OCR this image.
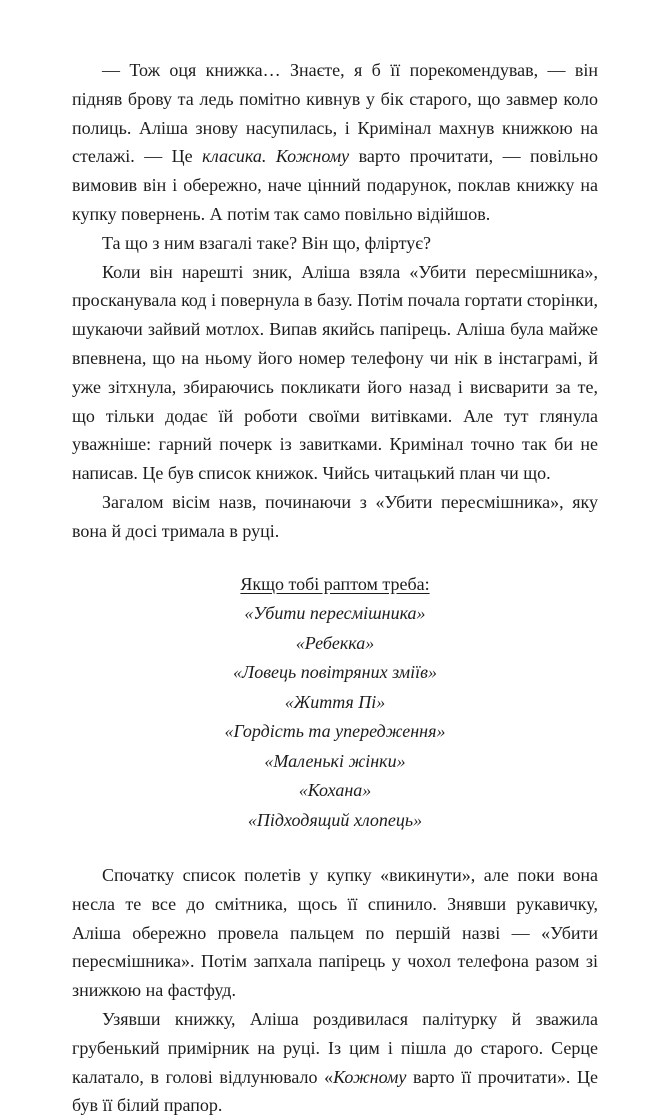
— Тож оця книжка… Знаєте, я б її порекомендував, — він підняв брову та ледь помітно кивнув у бік старого, що завмер коло полиць. Аліша знову насупилась, і Кримінал махнув книжкою на стелажі. — Це класика. Кожному варто прочитати, — повільно вимовив він і обережно, наче цінний подарунок, поклав книжку на купку повернень. А потім так само повільно відійшов.

Та що з ним взагалі таке? Він що, фліртує?

Коли він нарешті зник, Аліша взяла «Убити пересмішника», просканувала код і повернула в базу. Потім почала гортати сторінки, шукаючи зайвий мотлох. Випав якийсь папірець. Аліша була майже впевнена, що на ньому його номер телефону чи нік в інстаграмі, й уже зітхнула, збираючись покликати його назад і висварити за те, що тільки додає їй роботи своїми витівками. Але тут глянула уважніше: гарний почерк із завитками. Кримінал точно так би не написав. Це був список книжок. Чийсь читацький план чи що.

Загалом вісім назв, починаючи з «Убити пересмішника», яку вона й досі тримала в руці.

Якщо тобі раптом треба:
«Убити пересмішника»
«Ребекка»
«Ловець повітряних зміїв»
«Життя Пі»
«Гордість та упередження»
«Маленькі жінки»
«Кохана»
«Підходящий хлопець»

Спочатку список полетів у купку «викинути», але поки вона несла те все до смітника, щось її спинило. Знявши рукавичку, Аліша обережно провела пальцем по першій назві — «Убити пересмішника». Потім запхала папірець у чохол телефона разом зі знижкою на фастфуд.

Узявши книжку, Аліша роздивилася палітурку й зважила грубенький примірник на руці. Із цим і пішла до старого. Серце калатало, в голові відлунювало «Кожному варто її прочитати». Це був її білий прапор.
